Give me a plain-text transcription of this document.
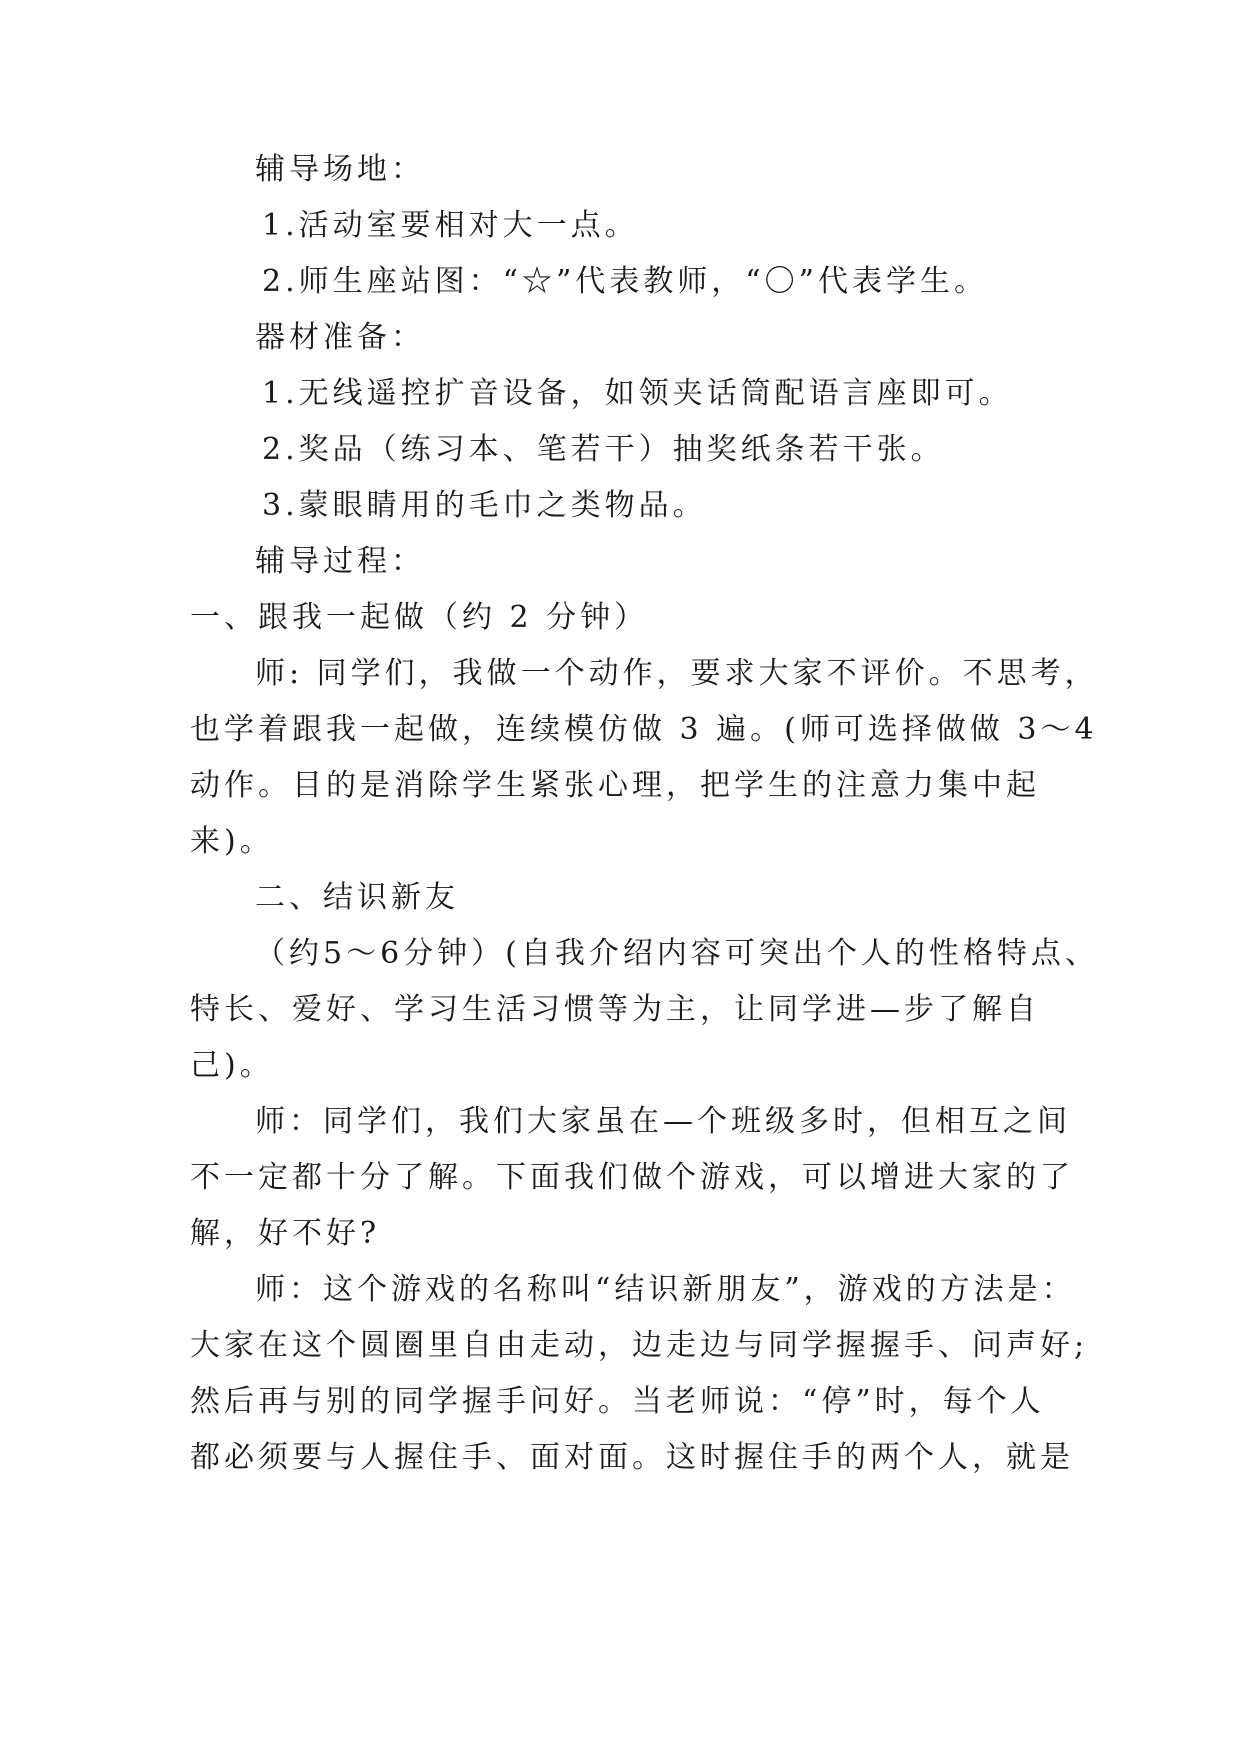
辅导场地：

1.活动室要相对大一点。

2.师生座站图：“☆”代表教师，“〇”代表学生。

器材准备：

1.无线遥控扩音设备，如领夹话筒配语言座即可。

2.奖品（练习本、笔若干）抽奖纸条若干张。

3.蒙眼睛用的毛巾之类物品。

辅导过程：

一、跟我一起做（约 2 分钟）

师: 同学们，我做一个动作，要求大家不评价。不思考，

也学着跟我一起做，连续模仿做 3 遍。(师可选择做做 3～4

动作。目的是消除学生紧张心理，把学生的注意力集中起

来)。

二、结识新友

（约5～6分钟）(自我介绍内容可突出个人的性格特点、

特长、爱好、学习生活习惯等为主，让同学进—步了解自

己)。

师：同学们，我们大家虽在—个班级多时，但相互之间

不一定都十分了解。下面我们做个游戏，可以增进大家的了

解，好不好?

师：这个游戏的名称叫“结识新朋友”，游戏的方法是：

大家在这个圆圈里自由走动，边走边与同学握握手、问声好;

然后再与别的同学握手问好。当老师说：“停”时，每个人

都必须要与人握住手、面对面。这时握住手的两个人，就是
